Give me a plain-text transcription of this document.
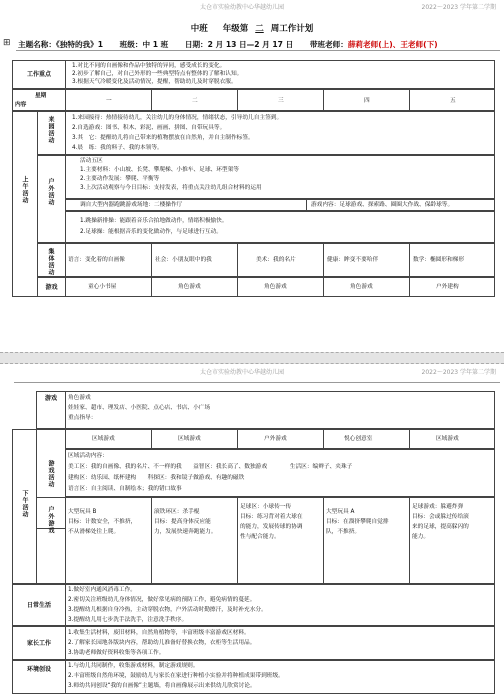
太仓市实验幼教中心华越幼儿园	2022～2023 学年第二学期
中班 年级第 二 周工作计划
⊞ 主题名称：《独特的我》1 班级：中 1 班 日期：2 月 13 日—2 月 17 日 带班老师：薛莉老师(上)、王老师(下)
工作重点
1.对比不同的自画像和作品中独特的异同，感受成长的变化。
2.初步了解自己，对自己外形的一些典型特点有整体的了解和认知。
3.根据天气冷暖变化及活动情况，提醒，帮助幼儿及时穿脱衣服。
星期
内容
一	二	三	四	五
上午活动
来园活动	1.来园接待：热情接待幼儿，关注幼儿的身体情况，情绪状态，引导幼儿自主签到。
2.自选游戏：图书、积木、彩泥、画画、拼图、自带玩具等。
3.其　它：提醒幼儿将自己带来的植物摆放在自然角，并自主制作标签。
4.晨　练：我的料子、我的本领等。
户外活动
活动五区
1.主要材料：小山坡、长凳、攀爬梯、小推车、足球、环型架等
2.主要动作发展：攀爬、平衡等
3.上次活动观察与今日目标：支持发表，将重点关注幼儿组合材料的运用
调自大型内器跑跳游戏场地：二楼操作厅	游戏内容：足球游戏、探索路、圈圈大作战、保龄球等。
1.跳操新排操：能跟着音乐合拍地做动作，情绪积极愉快。
2.足球操：能根据音乐的变化做动作，与足球进行互动。
集体活动 语言：变化着的自画像	社会：小朋友眼中的我	美术：我的名片	健康：眸变不要哈伴	数学：椭圆形和梯形
游戏	童心小书屋	角色游戏	角色游戏	角色游戏	户外建构
太仓市实验幼教中心华越幼儿园	2022～2023 学年第二学期
游戏	角色游戏
娃娃家、超市、理发店、小医院、点心店、书店、小广场
重点指导：
下午活动
游戏活动
区域游戏	区域游戏	户外游戏	悦心创意室	区域游戏
区域活动内容：
美工区：我的自画像、我的名片、不一样的我　　益智区：我长高了、数独游戏　　　　生活区：编辫子、夹珠子
建构区：幼乐园、纸杯建构　　科探区：我和镜子做游戏、有趣的磁铁
语言区：自主阅读、自制绘本；我的错口故事
户外游戏 大型玩具 B
目标：计数安全，不推挤，
不从滑梯处往上爬。
滚铁环区：杀手棍
目标：提高身体反应能
力，发展快速奔跑能力。
足球区：小球传一传
目标：练习背对着大球在
的能力，发展传球的协调
性与配合能力。
大型玩具 A
目标：在溜挤攀爬自觉排
队，不推挤。
足球游戏：躲避炸弹
目标：会或躲过传给滚
来的足球，提高躲闪的
能力。
日常生活
1.做好室内通风消毒工作。
2.密切关注班级幼儿身体情况，做好常见病的预防工作，避免病情的蔓延。
3.提醒幼儿根据自身冷热，主动穿脱衣物，户外活动时勤擦汗，及时补充水分。
3.提醒幼儿用七步洗手法洗手，注意洗手秩序。
家长工作
1.收集生活材料，废旧材料，自然角植物等，丰富班级丰富游戏区材料。
2.了解家长园地各版块内容，帮助幼儿准备好替换衣物，衣柜等生活用品。
3.协助老师做好资料收集等各项工作。
环境创设	1.与幼儿共同制作，收集游戏材料，制定游戏规则。
2.丰富班级自然角环境，鼓励幼儿与家长在家进行种植小实验并将种植成果带到班级。
3.师幼共同创设“我的自画像”主题墙，将自画像展示出来供幼儿欣赏讨论。
